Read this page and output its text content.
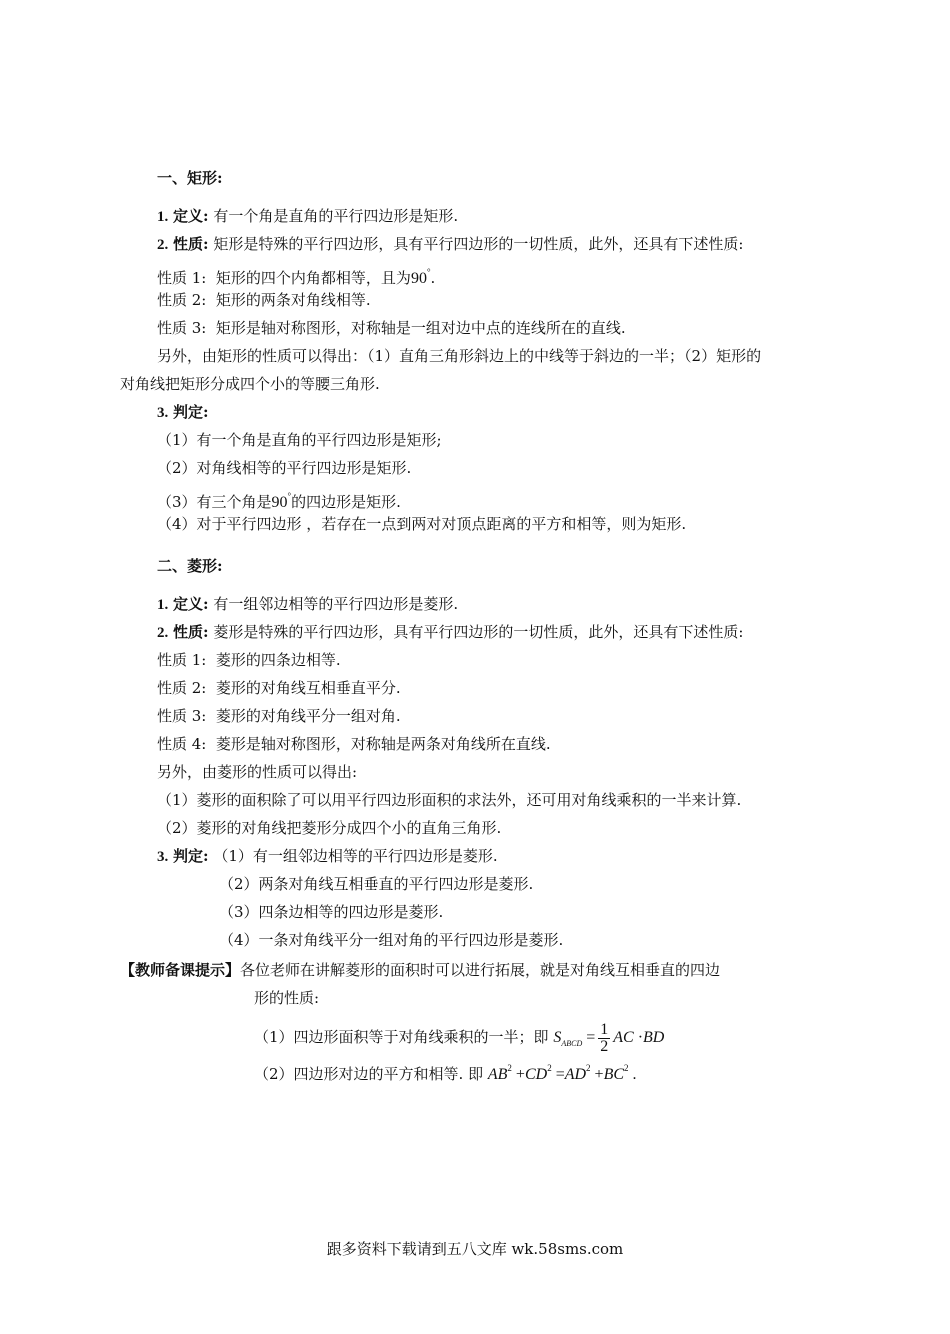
一、矩形:
1. 定义: 有一个角是直角的平行四边形是矩形.
2. 性质: 矩形是特殊的平行四边形，具有平行四边形的一切性质，此外，还具有下述性质:
性质 1: 矩形的四个内角都相等，且为90°.
性质 2: 矩形的两条对角线相等.
性质 3: 矩形是轴对称图形，对称轴是一组对边中点的连线所在的直线.
另外，由矩形的性质可以得出：（1）直角三角形斜边上的中线等于斜边的一半；（2）矩形的
对角线把矩形分成四个小的等腰三角形.
3. 判定:
（1）有一个角是直角的平行四边形是矩形;
（2）对角线相等的平行四边形是矩形.
（3）有三个角是90°的四边形是矩形.
（4）对于平行四边形 ，若存在一点到两对对顶点距离的平方和相等，则为矩形.
二、菱形:
1. 定义: 有一组邻边相等的平行四边形是菱形.
2. 性质: 菱形是特殊的平行四边形，具有平行四边形的一切性质，此外，还具有下述性质:
性质 1: 菱形的四条边相等.
性质 2: 菱形的对角线互相垂直平分.
性质 3: 菱形的对角线平分一组对角.
性质 4: 菱形是轴对称图形，对称轴是两条对角线所在直线.
另外，由菱形的性质可以得出:
（1）菱形的面积除了可以用平行四边形面积的求法外，还可用对角线乘积的一半来计算.
（2）菱形的对角线把菱形分成四个小的直角三角形.
3. 判定: （1）有一组邻边相等的平行四边形是菱形.
（2）两条对角线互相垂直的平行四边形是菱形.
（3）四条边相等的四边形是菱形.
（4）一条对角线平分一组对角的平行四边形是菱形.
【教师备课提示】各位老师在讲解菱形的面积时可以进行拓展，就是对角线互相垂直的四边
形的性质:
（1）四边形面积等于对角线乘积的一半；即 $S_{ABCD} = \frac{1}{2}$ AC ·BD
（2）四边形对边的平方和相等. 即 $AB^2 +CD^2 =AD^2 +BC^2$ .
跟多资料下载请到五八文库 wk.58sms.com
